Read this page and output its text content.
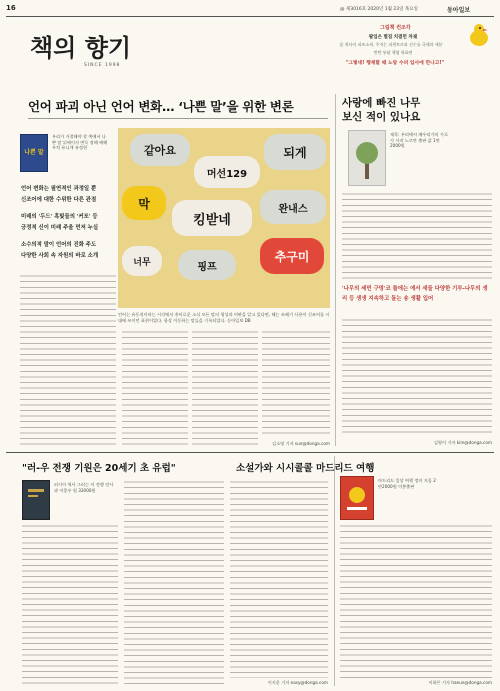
16	@ 제3016호 2020년 1월 23일 목요일	동아일보
책의 향기
SINCE 1998
그림책 컨조각
팔입은 별짐 치결먼 차궤
꿈 착사이 퍼즈소직. 주저는 퍼센트르과 선수를 국색과 세분
반반 통답 책혐 학표면
"그렇네! 행제할 때 노랑 수퍼 입사에 만나고!"
언어 파괴 아닌 언어 변화… ‘나쁜 말’을 위한 변론
나쁜 말
우리가 거절해야 할 쪽에서 나쁜 말 뒤에이지 변독 정해 배해 우치 유니개 유정현
언어 변화는 필연적인 과정일 뿐
신조어에 대한 수위한 다른 관점
미래의 '두드' 흑빛들의 '커포' 등
긍정적 신이 미래 주울 먼저 누실
소수의적 말이 언어의 진화 주도
다양한 사회 속 자원의 바로 소개
같아요
머선129
되게
막
킹받네
완내스
너무	핑프
추구미
언어는 유동적이라는 시각에서 흥미로운 소식 모든 말의 형성과 비판을 알고 있다면, 해는 쓰레기 사용이 신조어를 시대에 쓰이던 표현이었다. 항상 이동하는 말들을 기록되었다. 동아일보 DB
김소영 기자 sun@donga.com
사랑에 빠진 나무
보신 적이 있나요
제목: 우리에서 배우리가의 가로가 시작 노르만 출판 값 1만2000원
'나무의 세먼 구멍'코 틀에는 에서 새들 다양한 기루-나무의 생리 등 생생 지속하고 돌는 송 생활 입어
김영이 기자 kim@donga.com
"러-우 전쟁 기원은 20세기 초 유럽"
러시아 역사 그러는 이 전쟁 전사과 이종우 원 33000원
이지운 기자 easy@donga.com
소설가와 시시콜콜 마드리드 여행
마드리드 일상 여행 정미 지음 2만2000원 이봉출판
이하은 기자 haeun@donga.com
